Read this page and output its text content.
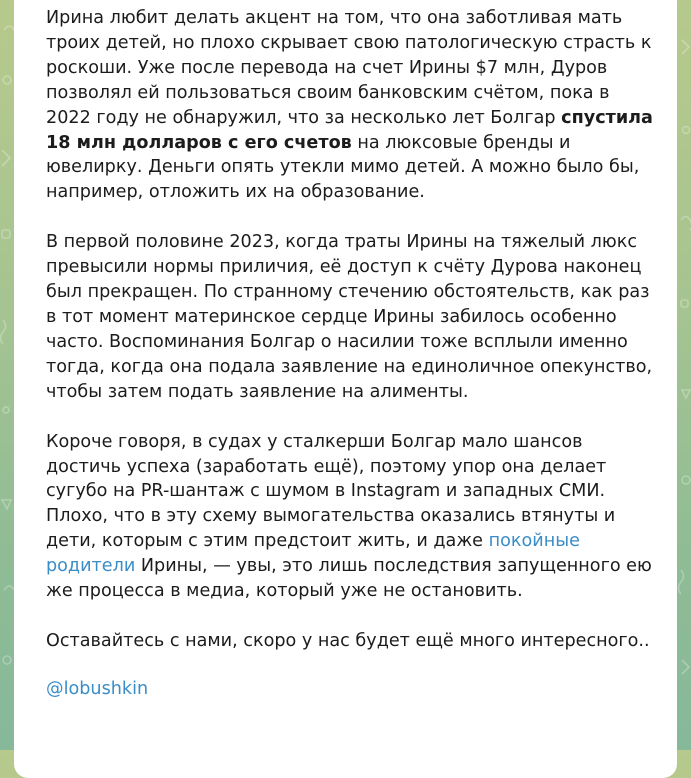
Ирина любит делать акцент на том, что она заботливая мать троих детей, но плохо скрывает свою патологическую страсть к роскоши. Уже после перевода на счет Ирины $7 млн, Дуров позволял ей пользоваться своим банковским счётом, пока в 2022 году не обнаружил, что за несколько лет Болгар спустила 18 млн долларов с его счетов на люксовые бренды и ювелирку. Деньги опять утекли мимо детей. А можно было бы, например, отложить их на образование.

В первой половине 2023, когда траты Ирины на тяжелый люкс превысили нормы приличия, её доступ к счёту Дурова наконец был прекращен. По странному стечению обстоятельств, как раз в тот момент материнское сердце Ирины забилось особенно часто. Воспоминания Болгар о насилии тоже всплыли именно тогда, когда она подала заявление на единоличное опекунство, чтобы затем подать заявление на алименты.

Короче говоря, в судах у сталкерши Болгар мало шансов достичь успеха (заработать ещё), поэтому упор она делает сугубо на PR-шантаж с шумом в Instagram и западных СМИ. Плохо, что в эту схему вымогательства оказались втянуты и дети, которым с этим предстоит жить, и даже покойные родители Ирины, — увы, это лишь последствия запущенного ею же процесса в медиа, который уже не остановить.

Оставайтесь с нами, скоро у нас будет ещё много интересного..

@lobushkin
